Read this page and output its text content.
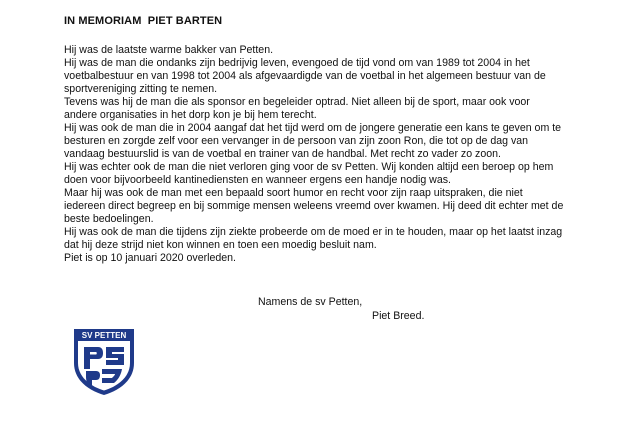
IN MEMORIAM  PIET BARTEN

Hij was de laatste warme bakker van Petten.

Hij was de man die ondanks zijn bedrijvig leven, evengoed de tijd vond om van 1989 tot 2004 in het voetbalbestuur en van 1998 tot 2004 als afgevaardigde van de voetbal in het algemeen bestuur van de sportvereniging zitting te nemen.

Tevens was hij de man die als sponsor en begeleider optrad. Niet alleen bij de sport, maar ook voor andere organisaties in het dorp kon je bij hem terecht.

Hij was ook de man die in 2004 aangaf dat het tijd werd om de jongere generatie een kans te geven om te besturen en zorgde zelf voor een vervanger in de persoon van zijn zoon Ron, die tot op de dag van vandaag bestuurslid is van de voetbal en trainer van de handbal. Met recht zo vader zo zoon.

Hij was echter ook de man die niet verloren ging voor de sv Petten. Wij konden altijd een beroep op hem doen voor bijvoorbeeld kantinediensten en wanneer ergens een handje nodig was.

Maar hij was ook de man met een bepaald soort humor en recht voor zijn raap uitspraken, die niet iedereen direct begreep en bij sommige mensen weleens vreemd over kwamen. Hij deed dit echter met de beste bedoelingen.

Hij was ook de man die tijdens zijn ziekte probeerde om de moed er in te houden, maar op het laatst inzag dat hij deze strijd niet kon winnen en toen een moedig besluit nam.

Piet is op 10 januari 2020 overleden.

Namens de sv Petten,
Piet Breed.
SV PETTEN
